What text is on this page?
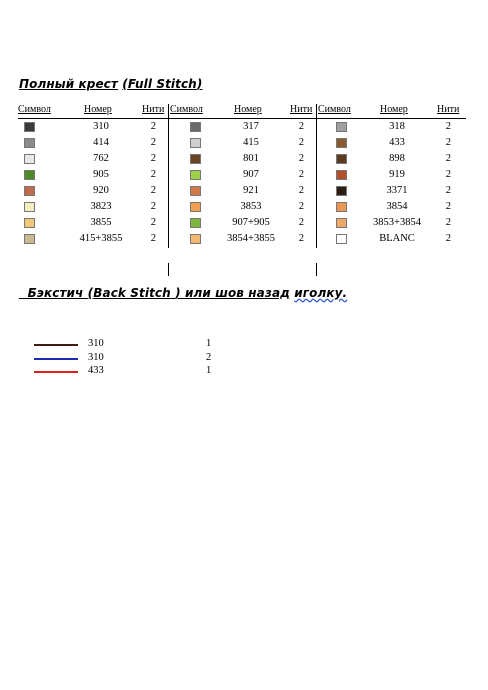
Полный крест (Full Stitch)
Символ	Номер	Нити Символ	Номер	Нити Символ	Номер	Нити
310	2	317	2	318	2
414	2	415	2	433	2
762	2	801	2	898	2
905	2	907	2	919	2
920	2	921	2	3371	2
3823	2	3853	2	3854	2
3855	2	907+905	2	3853+3854	2
415+3855	2	3854+3855	2	BLANC	2
Бэкстич (Back Stitch ) или шов назад иголку.
310	1
310	2
433	1
